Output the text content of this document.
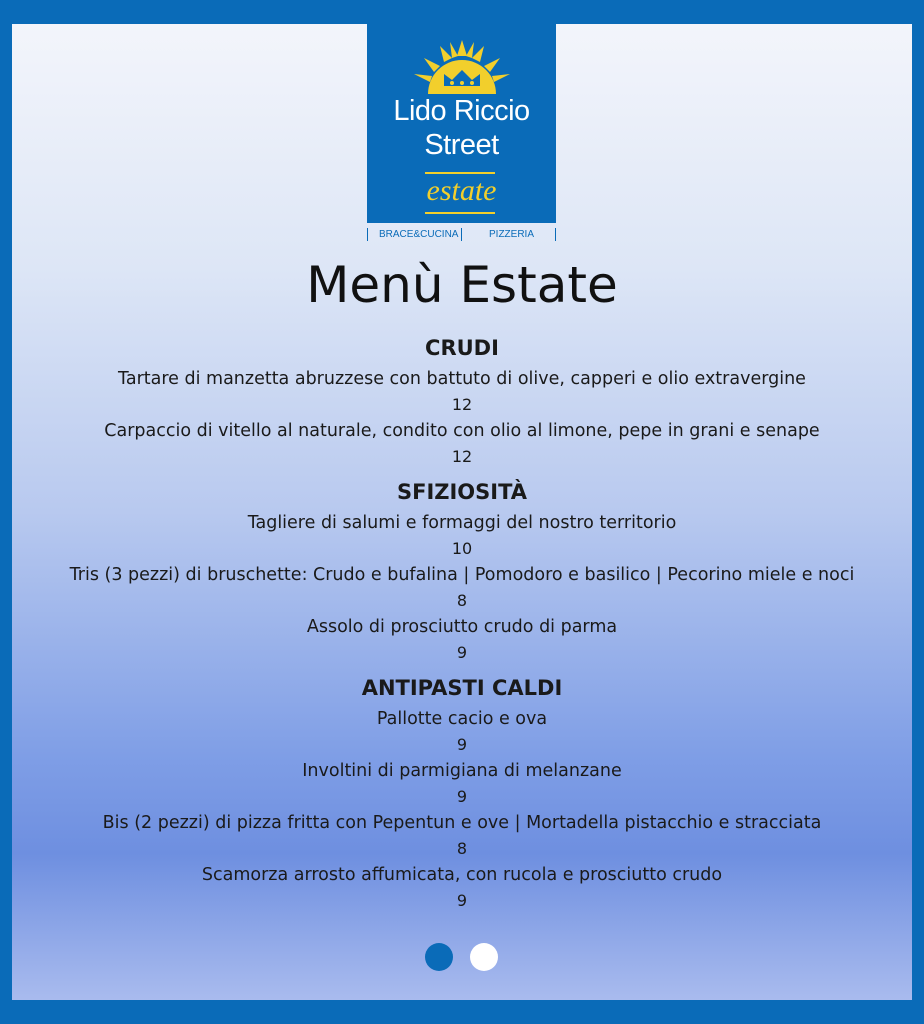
Lido Riccio
Street
estate
BRACE&CUCINA	PIZZERIA
Menù Estate
CRUDI
Tartare di manzetta abruzzese con battuto di olive, capperi e olio extravergine
12
Carpaccio di vitello al naturale, condito con olio al limone, pepe in grani e senape
12
SFIZIOSITÀ
Tagliere di salumi e formaggi del nostro territorio
10
Tris (3 pezzi) di bruschette: Crudo e bufalina | Pomodoro e basilico | Pecorino miele e noci
8
Assolo di prosciutto crudo di parma
9
ANTIPASTI CALDI
Pallotte cacio e ova
9
Involtini di parmigiana di melanzane
9
Bis (2 pezzi) di pizza fritta con Pepentun e ove | Mortadella pistacchio e stracciata
8
Scamorza arrosto affumicata, con rucola e prosciutto crudo
9
